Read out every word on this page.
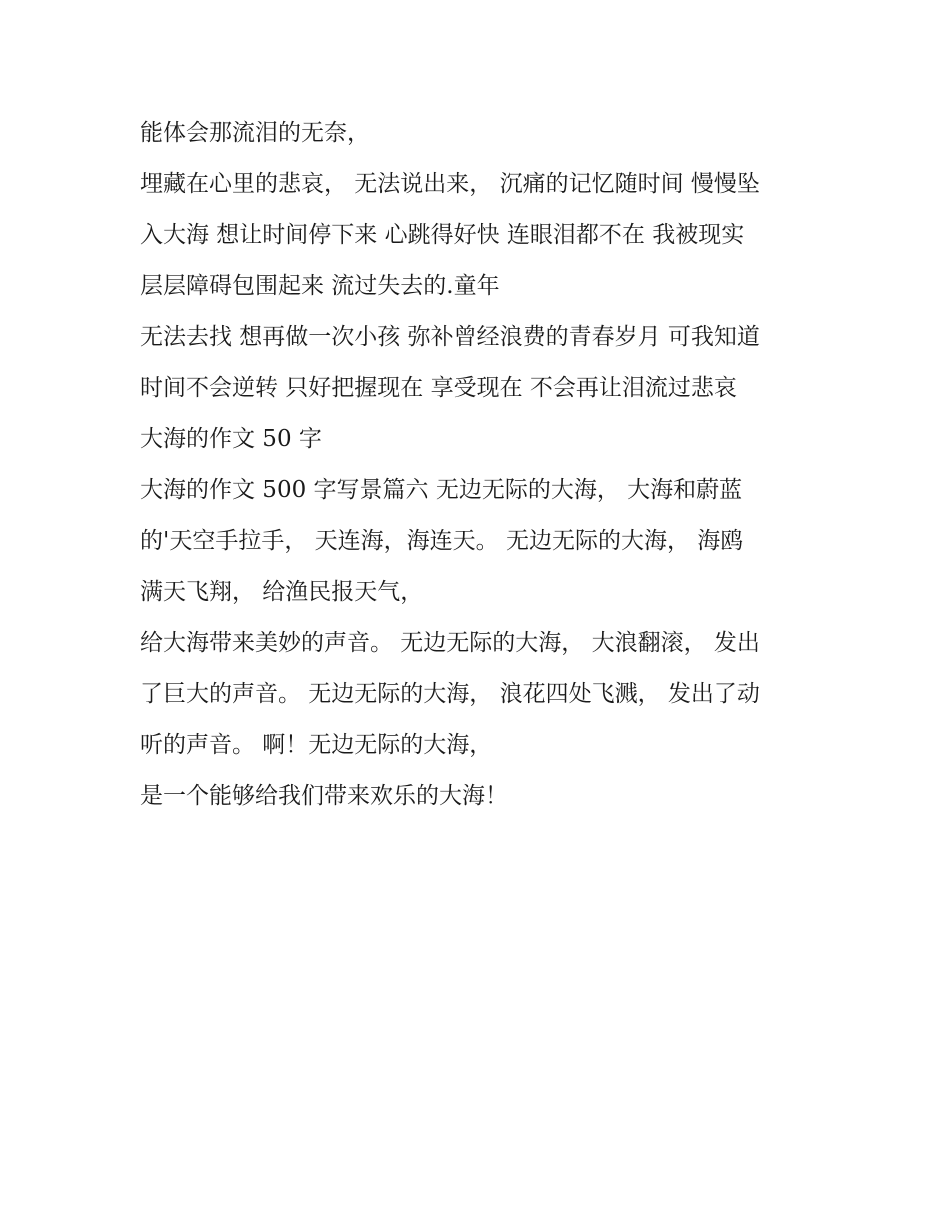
能体会那流泪的无奈，
埋藏在心里的悲哀， 无法说出来， 沉痛的记忆随时间 慢慢坠
入大海 想让时间停下来 心跳得好快 连眼泪都不在 我被现实
层层障碍包围起来 流过失去的.童年
无法去找 想再做一次小孩 弥补曾经浪费的青春岁月 可我知道
时间不会逆转 只好把握现在 享受现在 不会再让泪流过悲哀
大海的作文 50 字
大海的作文 500 字写景篇六 无边无际的大海， 大海和蔚蓝
的'天空手拉手， 天连海，海连天。 无边无际的大海， 海鸥
满天飞翔， 给渔民报天气，
给大海带来美妙的声音。 无边无际的大海， 大浪翻滚， 发出
了巨大的声音。 无边无际的大海， 浪花四处飞溅， 发出了动
听的声音。 啊！无边无际的大海，
是一个能够给我们带来欢乐的大海！
